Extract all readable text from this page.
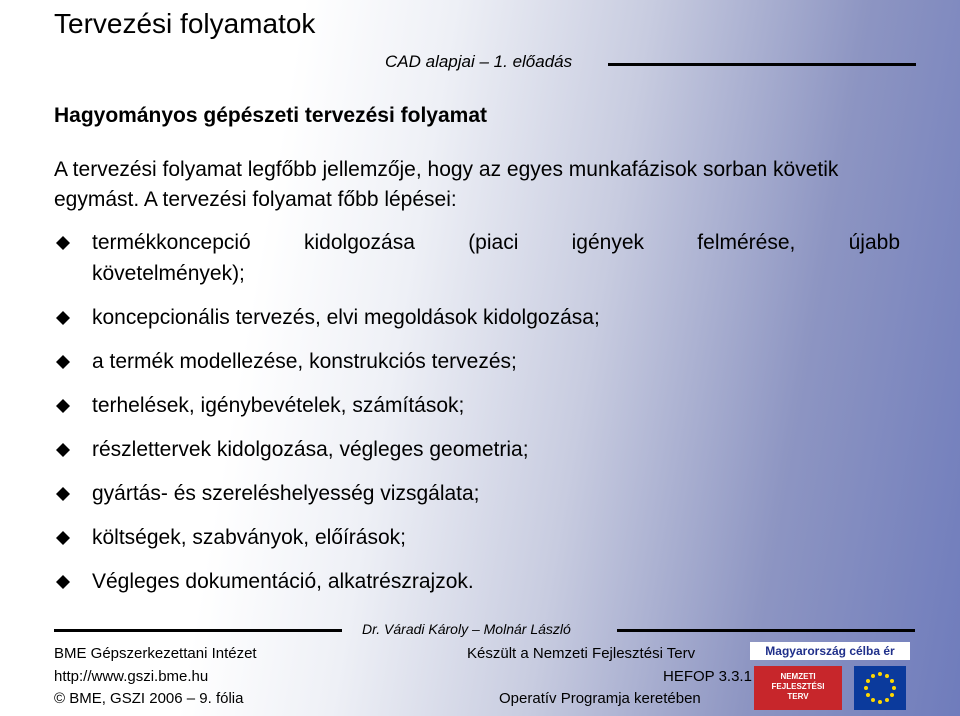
Tervezési folyamatok
CAD alapjai – 1. előadás
Hagyományos gépészeti tervezési folyamat
A tervezési folyamat legfőbb jellemzője, hogy az egyes munkafázisok sorban követik egymást. A tervezési folyamat főbb lépései:
termékkoncepció kidolgozása (piaci igények felmérése, újabb
követelmények);
koncepcionális tervezés, elvi megoldások kidolgozása;
a termék modellezése, konstrukciós tervezés;
terhelések, igénybevételek, számítások;
részlettervek kidolgozása, végleges geometria;
gyártás- és szereléshelyesség vizsgálata;
költségek, szabványok, előírások;
Végleges dokumentáció, alkatrészrajzok.
Dr. Váradi Károly – Molnár László
BME Gépszerkezettani Intézet
http://www.gszi.bme.hu
© BME, GSZI 2006 – 9. fólia
Készült a Nemzeti Fejlesztési Terv
HEFOP 3.3.1
Operatív Programja keretében
Magyarország célba ér
NEMZETI
FEJLESZTÉSI
TERV
